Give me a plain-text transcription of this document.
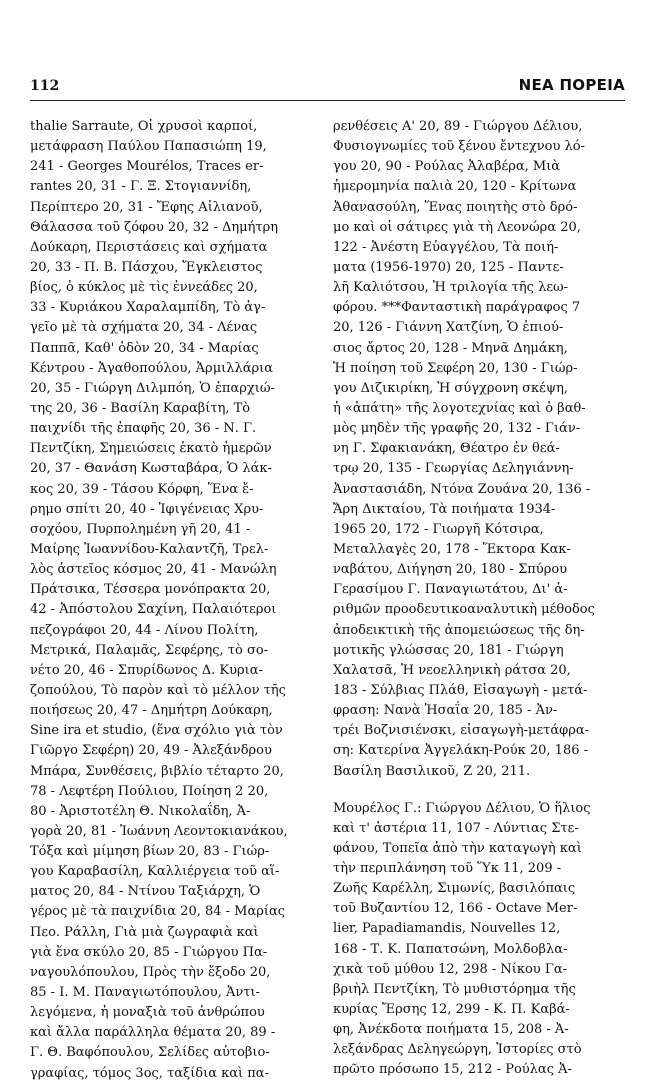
112	ΝΕΑ ΠΟΡΕΙΑ
thalie Sarraute, Οἱ χρυσοὶ καρποί,
μετάφραση Παύλου Παπασιώπη 19,
241 - Georges Mourélos, Traces er-
rantes 20, 31 - Γ. Ξ. Στογιαννίδη,
Περίπτερο 20, 31 - Ἔφης Αἰλιανοῦ,
Θάλασσα τοῦ ζόφου 20, 32 - Δημήτρη
Δούκαρη, Περιστάσεις καὶ σχήματα
20, 33 - Π. Β. Πάσχου, Ἔγκλειστος
βίος, ὁ κύκλος μὲ τὶς ἐννεάδες 20,
33 - Κυριάκου Χαραλαμπίδη, Τὸ ἀγ-
γεῖο μὲ τὰ σχήματα 20, 34 - Λένας
Παππᾶ, Καθ' ὁδὸν 20, 34 - Μαρίας
Κέντρου - Ἀγαθοπούλου, Ἀρμιλλάρια
20, 35 - Γιώργη Διλμπόη, Ὁ ἐπαρχιώ-
της 20, 36 - Βασίλη Καραβίτη, Τὸ
παιχνίδι τῆς ἐπαφῆς 20, 36 - Ν. Γ.
Πεντζίκη, Σημειώσεις ἑκατὸ ἡμερῶν
20, 37 - Θανάση Κωσταβάρα, Ὁ λάκ-
κος 20, 39 - Τάσου Κόρφη, Ἕνα ἔ-
ρημο σπίτι 20, 40 - Ἰφιγένειας Χρυ-
σοχόου, Πυρπολημένη γῆ 20, 41 -
Μαίρης Ἰωαννίδου-Καλαντζῆ, Τρελ-
λὸς ἀστεῖος κόσμος 20, 41 - Μανώλη
Πράτσικα, Τέσσερα μονόπρακτα 20,
42 - Ἀπόστολου Σαχίνη, Παλαιότεροι
πεζογράφοι 20, 44 - Λίνου Πολίτη,
Μετρικά, Παλαμᾶς, Σεφέρης, τὸ σο-
νέτο 20, 46 - Σπυρίδωνος Δ. Κυρια-
ζοπούλου, Τὸ παρὸν καὶ τὸ μέλλον τῆς
ποιήσεως 20, 47 - Δημήτρη Δούκαρη,
Sine ira et studio, (ἕνα σχόλιο γιὰ τὸν
Γιῶργο Σεφέρη) 20, 49 - Ἀλεξάνδρου
Μπάρα, Συνθέσεις, βιβλίο τέταρτο 20,
78 - Λεφτέρη Πούλιου, Ποίηση 2 20,
80 - Ἀριστοτέλη Θ. Νικολαΐδη, Ἀ-
γορὰ 20, 81 - Ἰωάννη Λεοντοκιανάκου,
Τόξα καὶ μίμηση βίων 20, 83 - Γιώρ-
γου Καραβασίλη, Καλλιέργεια τοῦ αἵ-
ματος 20, 84 - Ντίνου Ταξιάρχη, Ὁ
γέρος μὲ τὰ παιχνίδια 20, 84 - Μαρίας
Πεο. Ράλλη, Γιὰ μιὰ ζωγραφιὰ καὶ
γιὰ ἕνα σκύλο 20, 85 - Γιώργου Πα-
ναγουλόπουλου, Πρὸς τὴν ἔξοδο 20,
85 - Ι. Μ. Παναγιωτόπουλου, Ἀντι-
λεγόμενα, ἡ μοναξιὰ τοῦ ἀνθρώπου
καὶ ἄλλα παράλληλα θέματα 20, 89 -
Γ. Θ. Βαφόπουλου, Σελίδες αὐτοβιο-
γραφίας, τόμος 3ος, ταξίδια καὶ πα-
ρενθέσεις Α' 20, 89 - Γιώργου Δέλιου,
Φυσιογνωμίες τοῦ ξένου ἔντεχνου λό-
γου 20, 90 - Ρούλας Ἀλαβέρα, Μιὰ
ἡμερομηνία παλιὰ 20, 120 - Κρίτωνα
Ἀθανασούλη, Ἕνας ποιητὴς στὸ δρό-
μο καὶ οἱ σάτιρες γιὰ τὴ Λεονώρα 20,
122 - Ἀνέστη Εὐαγγέλου, Τὰ ποιή-
ματα (1956-1970) 20, 125 - Παντε-
λῆ Καλιότσου, Ἡ τριλογία τῆς λεω-
φόρου. ***Φανταστικὴ παράγραφος 7
20, 126 - Γιάννη Χατζίνη, Ὁ ἐπιού-
σιος ἄρτος 20, 128 - Μηνᾶ Δημάκη,
Ἡ ποίηση τοῦ Σεφέρη 20, 130 - Γιώρ-
γου Διζικιρίκη, Ἡ σύγχρονη σκέψη,
ἡ «ἀπάτη» τῆς λογοτεχνίας καὶ ὁ βαθ-
μὸς μηδὲν τῆς γραφῆς 20, 132 - Γιάν-
νη Γ. Σφακιανάκη, Θέατρο ἐν θεά-
τρῳ 20, 135 - Γεωργίας Δεληγιάννη-
Ἀναστασιάδη, Ντόνα Ζουάνα 20, 136 -
Ἄρη Δικταίου, Τὰ ποιήματα 1934-
1965 20, 172 - Γιωργῆ Κότσιρα,
Μεταλλαγὲς 20, 178 - Ἕκτορα Κακ-
ναβάτου, Διήγηση 20, 180 - Σπύρου
Γερασίμου Γ. Παναγιωτάτου, Δι' ἀ-
ριθμῶν προοδευτικοαναλυτικὴ μέθοδος
ἀποδεικτικὴ τῆς ἀπομειώσεως τῆς δη-
μοτικῆς γλώσσας 20, 181 - Γιώργη
Χαλατσᾶ, Ἡ νεοελληνικὴ ράτσα 20,
183 - Σύλβιας Πλάθ, Εἰσαγωγὴ - μετά-
φραση: Νανὰ Ἠσαΐα 20, 185 - Ἀν-
τρέι Βοζνισιένσκι, εἰσαγωγὴ-μετάφρα-
ση: Κατερίνα Ἀγγελάκη-Ρούκ 20, 186 -
Βασίλη Βασιλικοῦ, Ζ 20, 211.
Μουρέλος Γ.: Γιώργου Δέλιου, Ὁ ἥλιος
καὶ τ' ἀστέρια 11, 107 - Λύντιας Στε-
φάνου, Τοπεῖα ἀπὸ τὴν καταγωγὴ καὶ
τὴν περιπλάνηση τοῦ Ὕκ 11, 209 -
Ζωῆς Καρέλλη, Σιμωνίς, βασιλόπαις
τοῦ Βυζαντίου 12, 166 - Octave Mer-
lier, Papadiamandis, Nouvelles 12,
168 - Τ. Κ. Παπατσώνη, Μολδοβλα-
χικὰ τοῦ μύθου 12, 298 - Νίκου Γα-
βριὴλ Πεντζίκη, Τὸ μυθιστόρημα τῆς
κυρίας Ἔρσης 12, 299 - Κ. Π. Καβά-
φη, Ἀνέκδοτα ποιήματα 15, 208 - Ἀ-
λεξάνδρας Δεληγεώργη, Ἱστορίες στὸ
πρῶτο πρόσωπο 15, 212 - Ρούλας Ἀ-
